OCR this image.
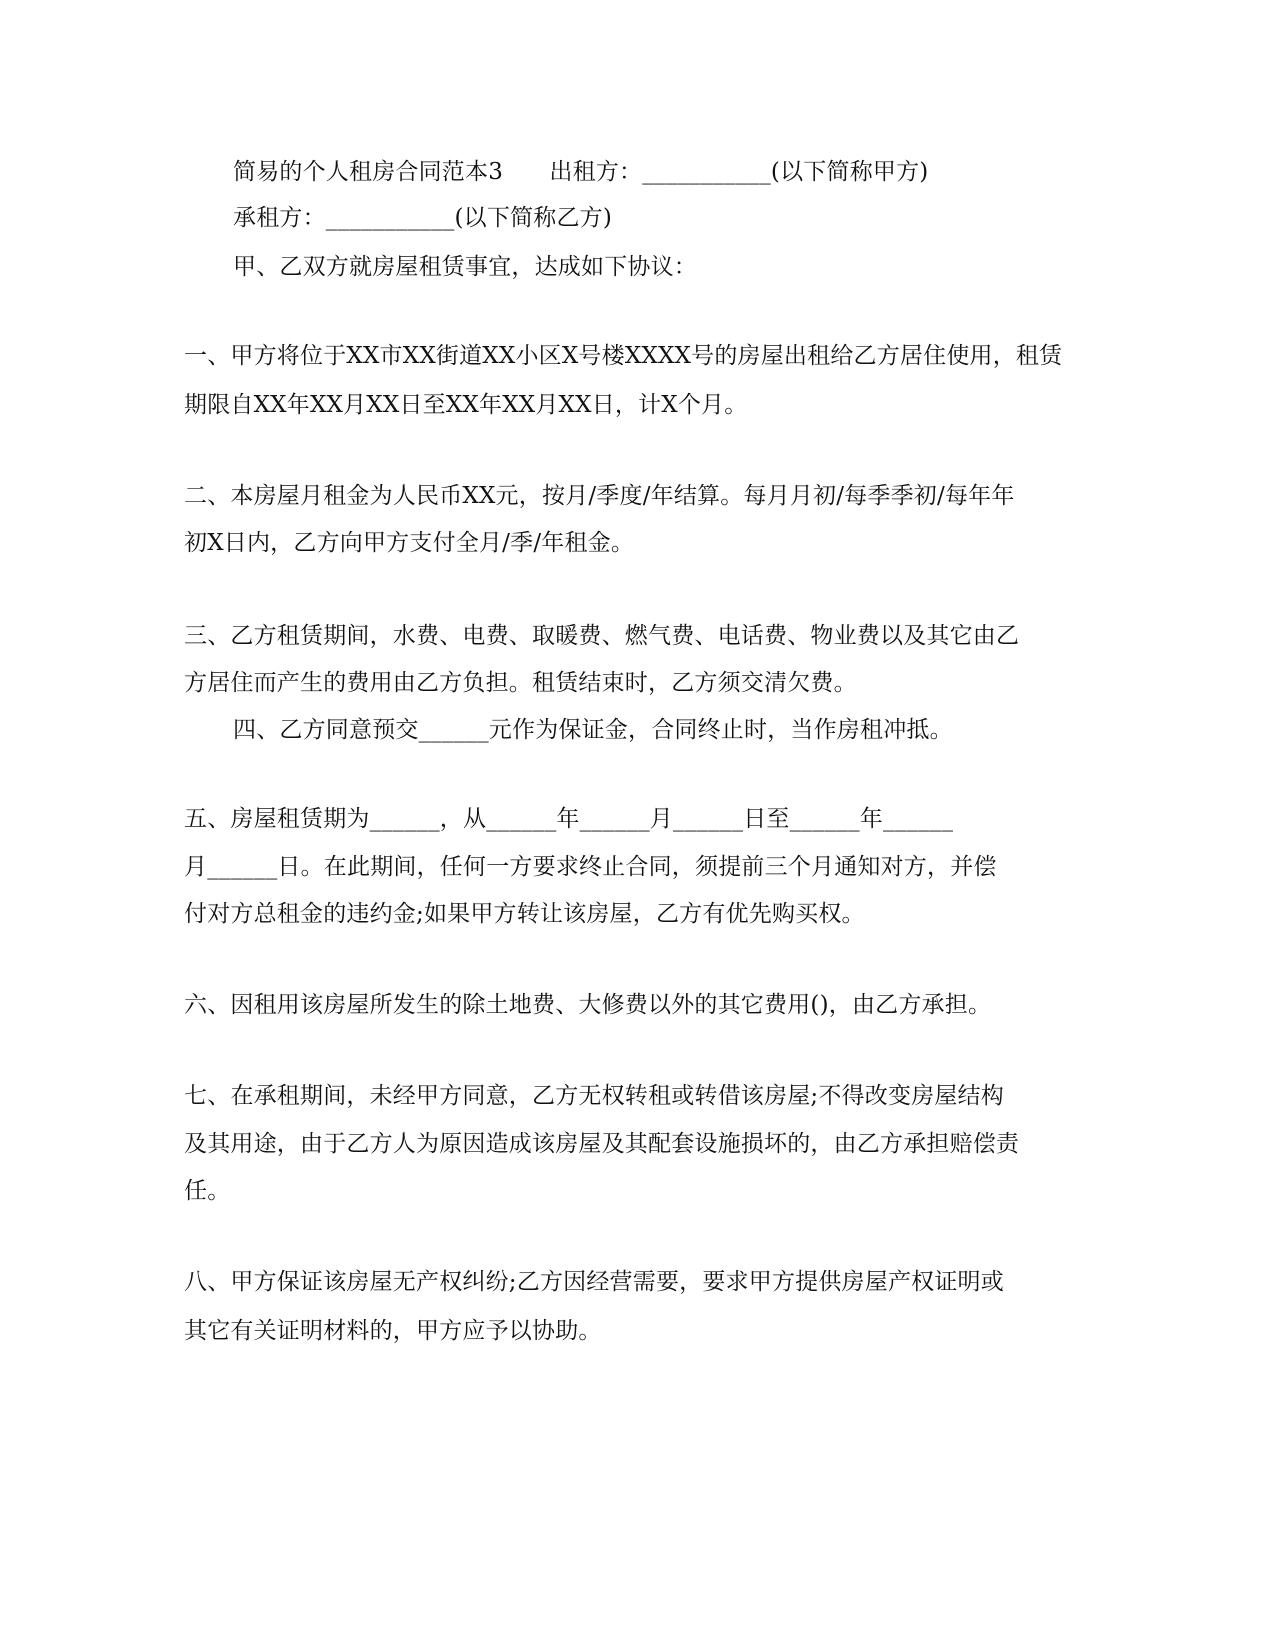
简易的个人租房合同范本3　　出租方：___________(以下简称甲方)
承租方：___________(以下简称乙方)
甲、乙双方就房屋租赁事宜，达成如下协议：
一、甲方将位于XX市XX街道XX小区X号楼XXXX号的房屋出租给乙方居住使用，租赁
期限自XX年XX月XX日至XX年XX月XX日，计X个月。
二、本房屋月租金为人民币XX元，按月/季度/年结算。每月月初/每季季初/每年年
初X日内，乙方向甲方支付全月/季/年租金。
三、乙方租赁期间，水费、电费、取暖费、燃气费、电话费、物业费以及其它由乙
方居住而产生的费用由乙方负担。租赁结束时，乙方须交清欠费。
四、乙方同意预交______元作为保证金，合同终止时，当作房租冲抵。
五、房屋租赁期为______，从______年______月______日至______年______
月______日。在此期间，任何一方要求终止合同，须提前三个月通知对方，并偿
付对方总租金的违约金;如果甲方转让该房屋，乙方有优先购买权。
六、因租用该房屋所发生的除土地费、大修费以外的其它费用()，由乙方承担。
七、在承租期间，未经甲方同意，乙方无权转租或转借该房屋;不得改变房屋结构
及其用途，由于乙方人为原因造成该房屋及其配套设施损坏的，由乙方承担赔偿责
任。
八、甲方保证该房屋无产权纠纷;乙方因经营需要，要求甲方提供房屋产权证明或
其它有关证明材料的，甲方应予以协助。
